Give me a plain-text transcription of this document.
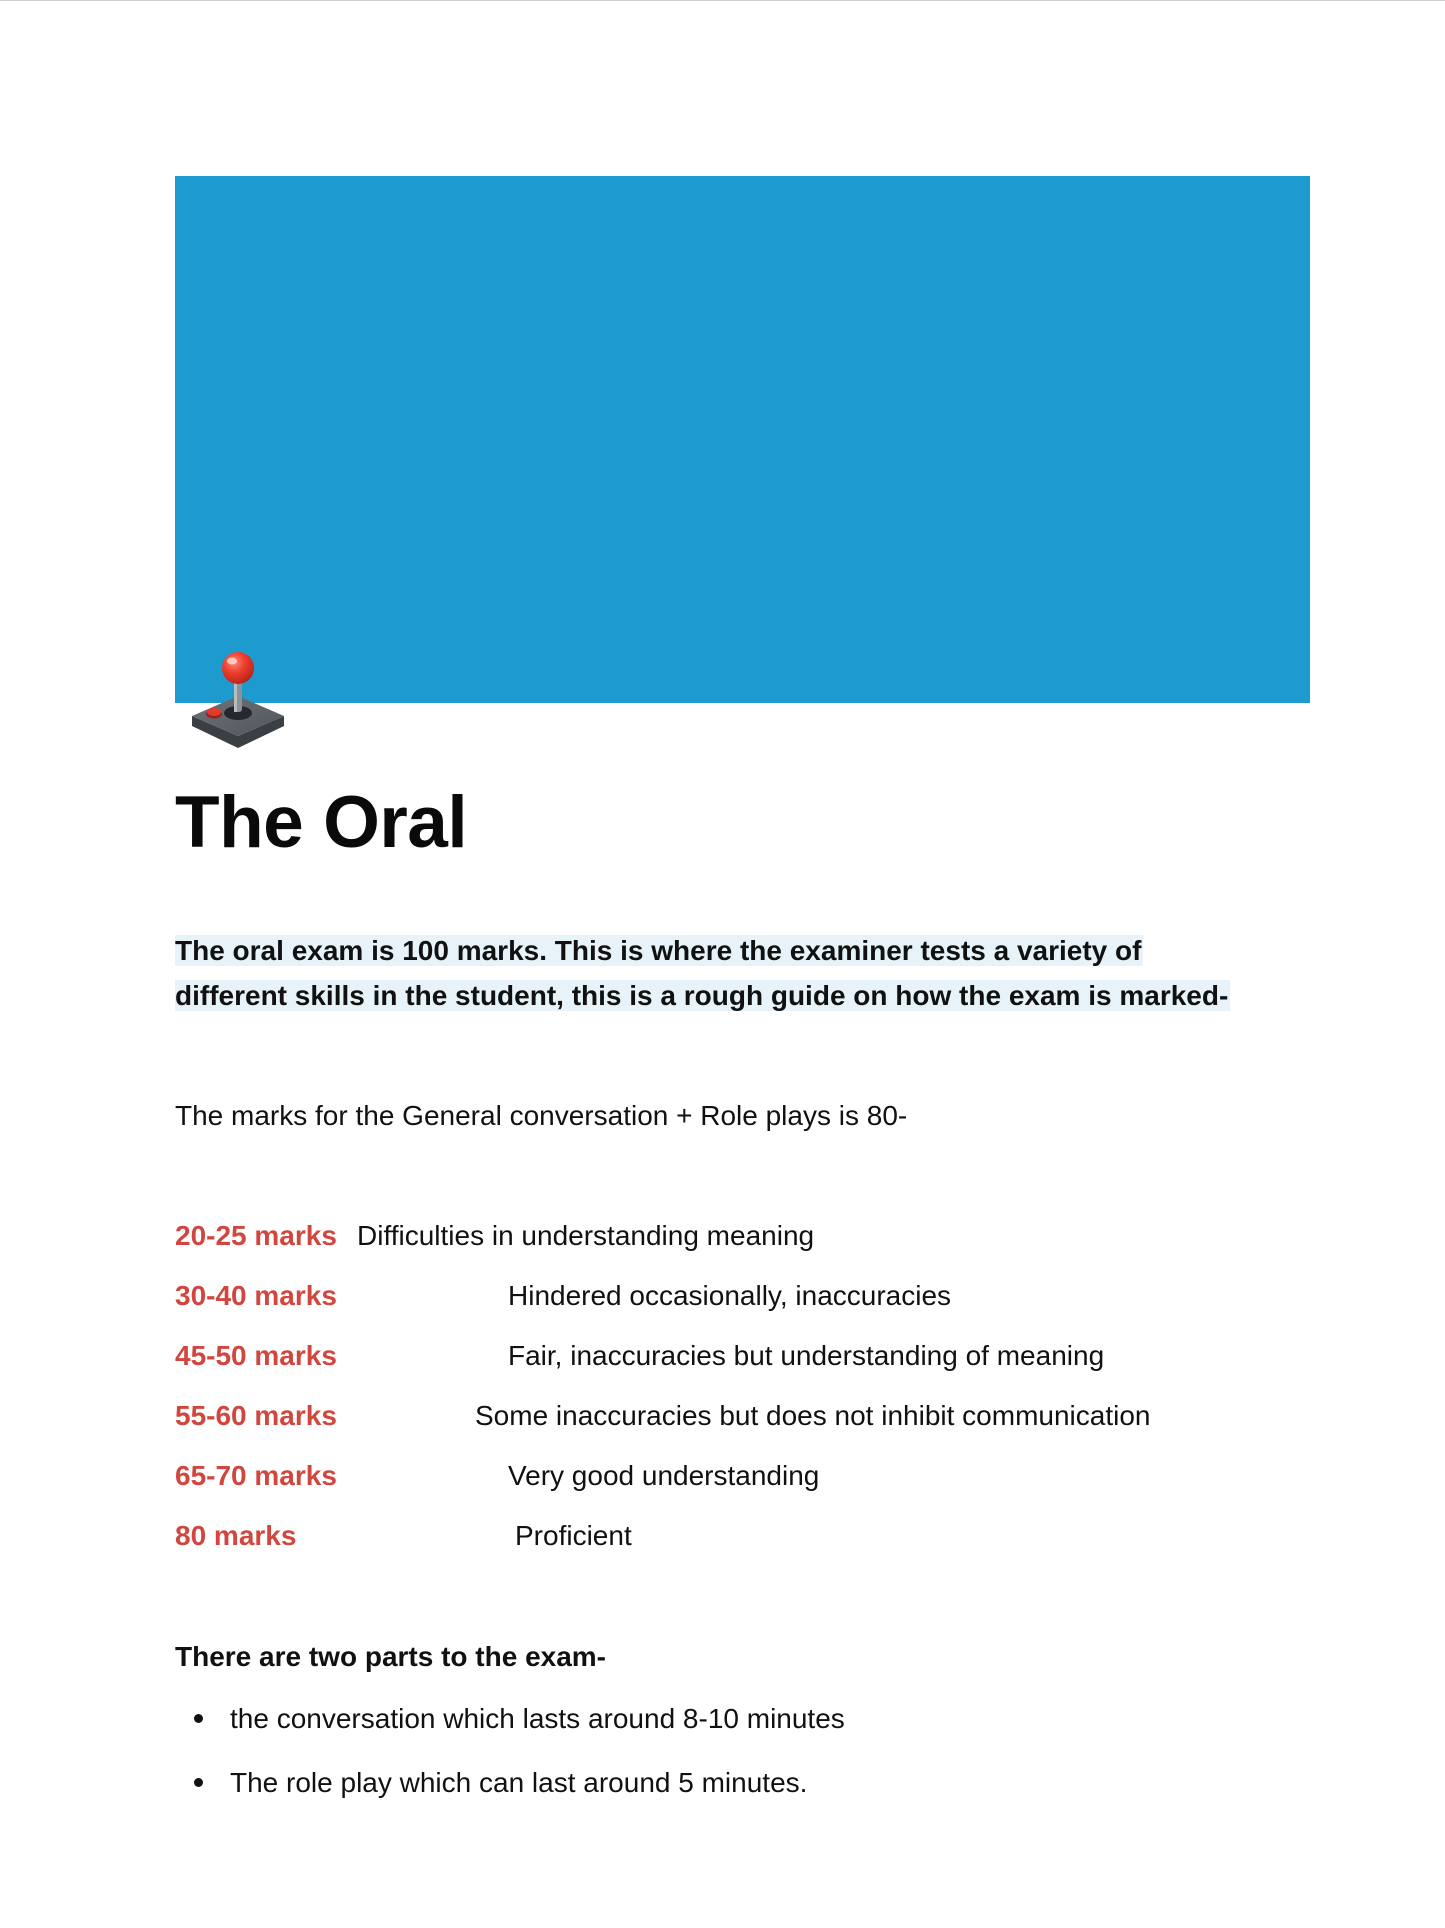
The Oral
The oral exam is 100 marks. This is where the examiner tests a variety of
different skills in the student, this is a rough guide on how the exam is marked-
The marks for the General conversation + Role plays is 80-
20-25 marks Difficulties in understanding meaning
30-40 marks	Hindered occasionally, inaccuracies
45-50 marks	Fair, inaccuracies but understanding of meaning
55-60 marks	Some inaccuracies but does not inhibit communication
65-70 marks	Very good understanding
80 marks	Proficient
There are two parts to the exam-
the conversation which lasts around 8-10 minutes
The role play which can last around 5 minutes.
